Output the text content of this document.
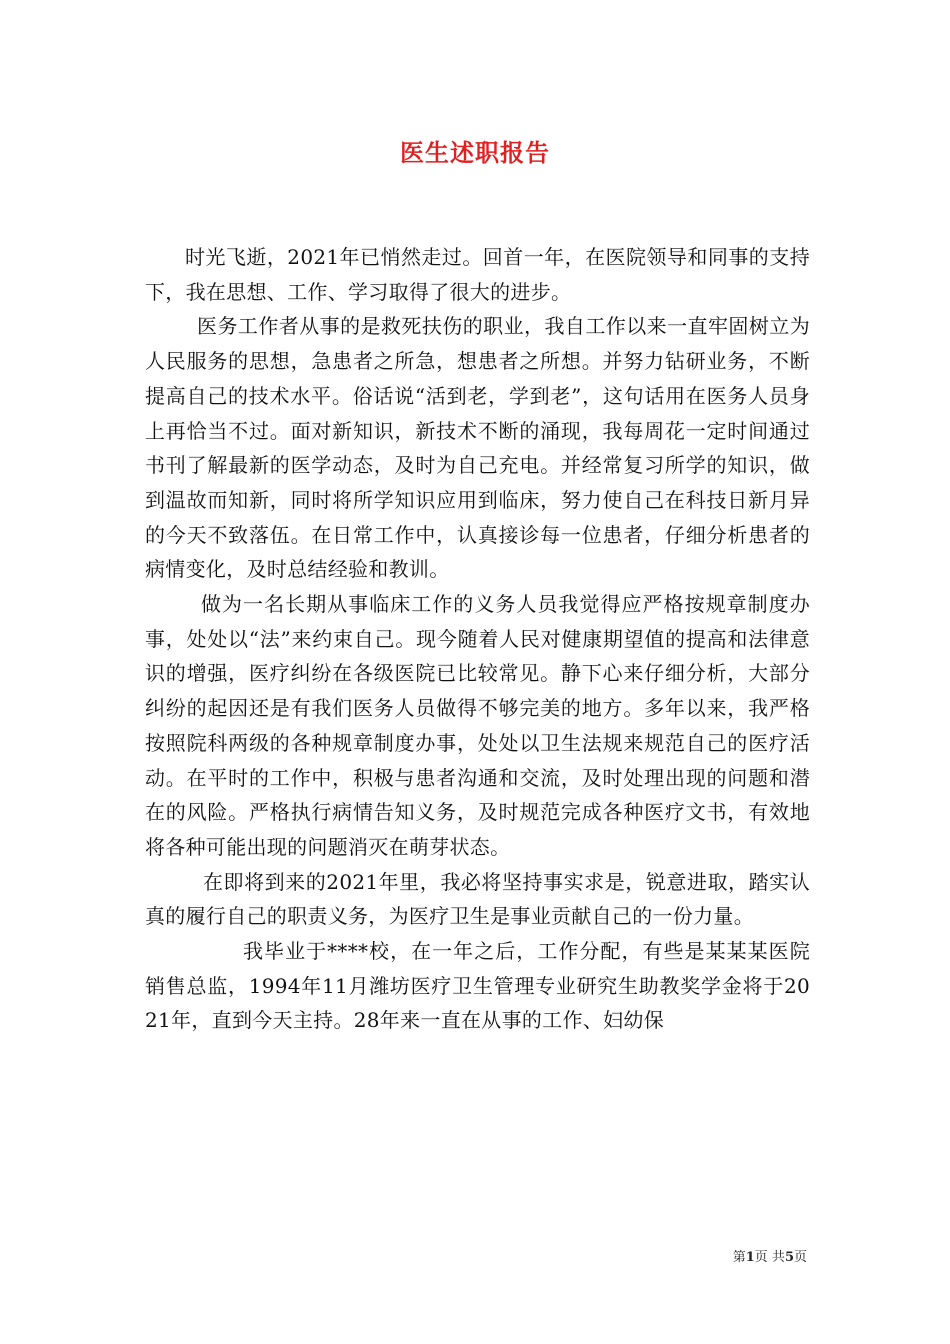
医生述职报告

时光飞逝，2021年已悄然走过。回首一年，在医院领导和同事的支持下，我在思想、工作、学习取得了很大的进步。

医务工作者从事的是救死扶伤的职业，我自工作以来一直牢固树立为人民服务的思想，急患者之所急，想患者之所想。并努力钻研业务，不断提高自己的技术水平。俗话说“活到老，学到老”，这句话用在医务人员身上再恰当不过。面对新知识，新技术不断的涌现，我每周花一定时间通过书刊了解最新的医学动态，及时为自己充电。并经常复习所学的知识，做到温故而知新，同时将所学知识应用到临床，努力使自己在科技日新月异的今天不致落伍。在日常工作中，认真接诊每一位患者，仔细分析患者的病情变化，及时总结经验和教训。

做为一名长期从事临床工作的义务人员我觉得应严格按规章制度办事，处处以“法”来约束自己。现今随着人民对健康期望值的提高和法律意识的增强，医疗纠纷在各级医院已比较常见。静下心来仔细分析，大部分纠纷的起因还是有我们医务人员做得不够完美的地方。多年以来，我严格按照院科两级的各种规章制度办事，处处以卫生法规来规范自己的医疗活动。在平时的工作中，积极与患者沟通和交流，及时处理出现的问题和潜在的风险。严格执行病情告知义务，及时规范完成各种医疗文书，有效地将各种可能出现的问题消灭在萌芽状态。

在即将到来的2021年里，我必将坚持事实求是，锐意进取，踏实认真的履行自己的职责义务，为医疗卫生是事业贡献自己的一份力量。

我毕业于****校，在一年之后，工作分配，有些是某某某医院销售总监，1994年11月潍坊医疗卫生管理专业研究生助教奖学金将于2021年，直到今天主持。28年来一直在从事的工作、妇幼保

第1页 共5页
